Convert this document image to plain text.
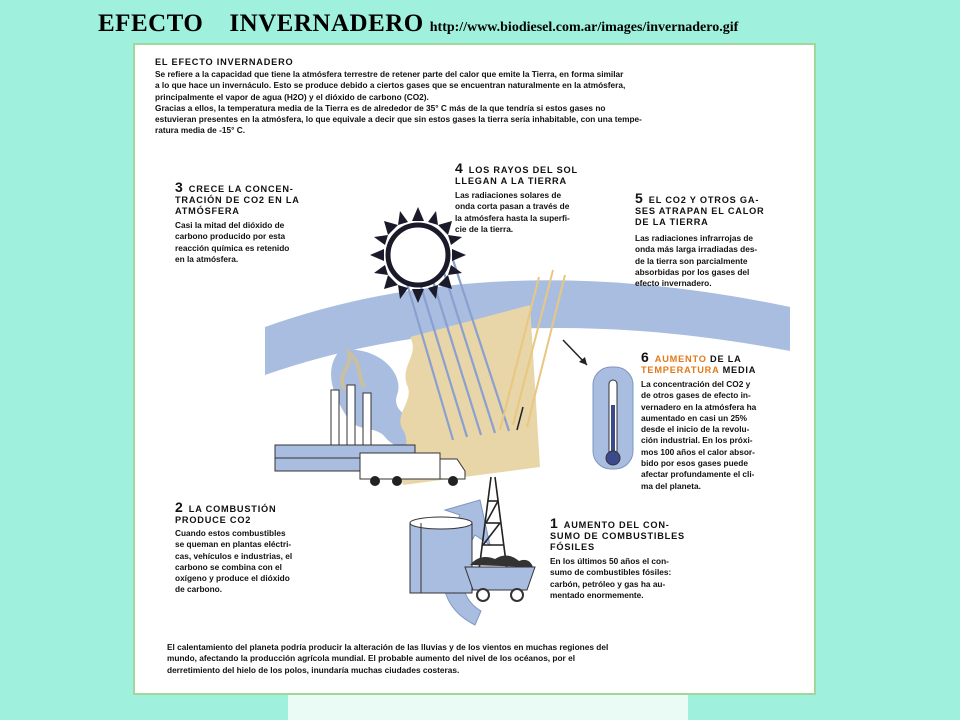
EFECTO INVERNADERO http://www.biodiesel.com.ar/images/invernadero.gif
EL EFECTO INVERNADERO
Se refiere a la capacidad que tiene la atmósfera terrestre de retener parte del calor que emite la Tierra, en forma similar
a lo que hace un invernáculo. Esto se produce debido a ciertos gases que se encuentran naturalmente en la atmósfera,
principalmente el vapor de agua (H2O) y el dióxido de carbono (CO2).
Gracias a ellos, la temperatura media de la Tierra es de alrededor de 35° C más de la que tendría si estos gases no
estuvieran presentes en la atmósfera, lo que equivale a decir que sin estos gases la tierra sería inhabitable, con una tempe-
ratura media de -15° C.
3 CRECE LA CONCEN-
TRACIÓN DE CO2 EN LA
ATMÓSFERA
Casi la mitad del dióxido de
carbono producido por esta
reacción química es retenido
en la atmósfera.
4 LOS RAYOS DEL SOL
LLEGAN A LA TIERRA
Las radiaciones solares de
onda corta pasan a través de
la atmósfera hasta la superfi-
cie de la tierra.
5 EL CO2 Y OTROS GA-
SES ATRAPAN EL CALOR
DE LA TIERRA
Las radiaciones infrarrojas de
onda más larga irradiadas des-
de la tierra son parcialmente
absorbidas por los gases del
efecto invernadero.
6 AUMENTO DE LA
TEMPERATURA MEDIA
La concentración del CO2 y
de otros gases de efecto in-
vernadero en la atmósfera ha
aumentado en casi un 25%
desde el inicio de la revolu-
ción industrial. En los próxi-
mos 100 años el calor absor-
bido por esos gases puede
afectar profundamente el cli-
ma del planeta.
2 LA COMBUSTIÓN
PRODUCE CO2
Cuando estos combustibles
se queman en plantas eléctri-
cas, vehículos e industrias, el
carbono se combina con el
oxígeno y produce el dióxido
de carbono.
1 AUMENTO DEL CON-
SUMO DE COMBUSTIBLES
FÓSILES
En los últimos 50 años el con-
sumo de combustibles fósiles:
carbón, petróleo y gas ha au-
mentado enormemente.
El calentamiento del planeta podría producir la alteración de las lluvias y de los vientos en muchas regiones del
mundo, afectando la producción agrícola mundial. El probable aumento del nivel de los océanos, por el
derretimiento del hielo de los polos, inundaría muchas ciudades costeras.
